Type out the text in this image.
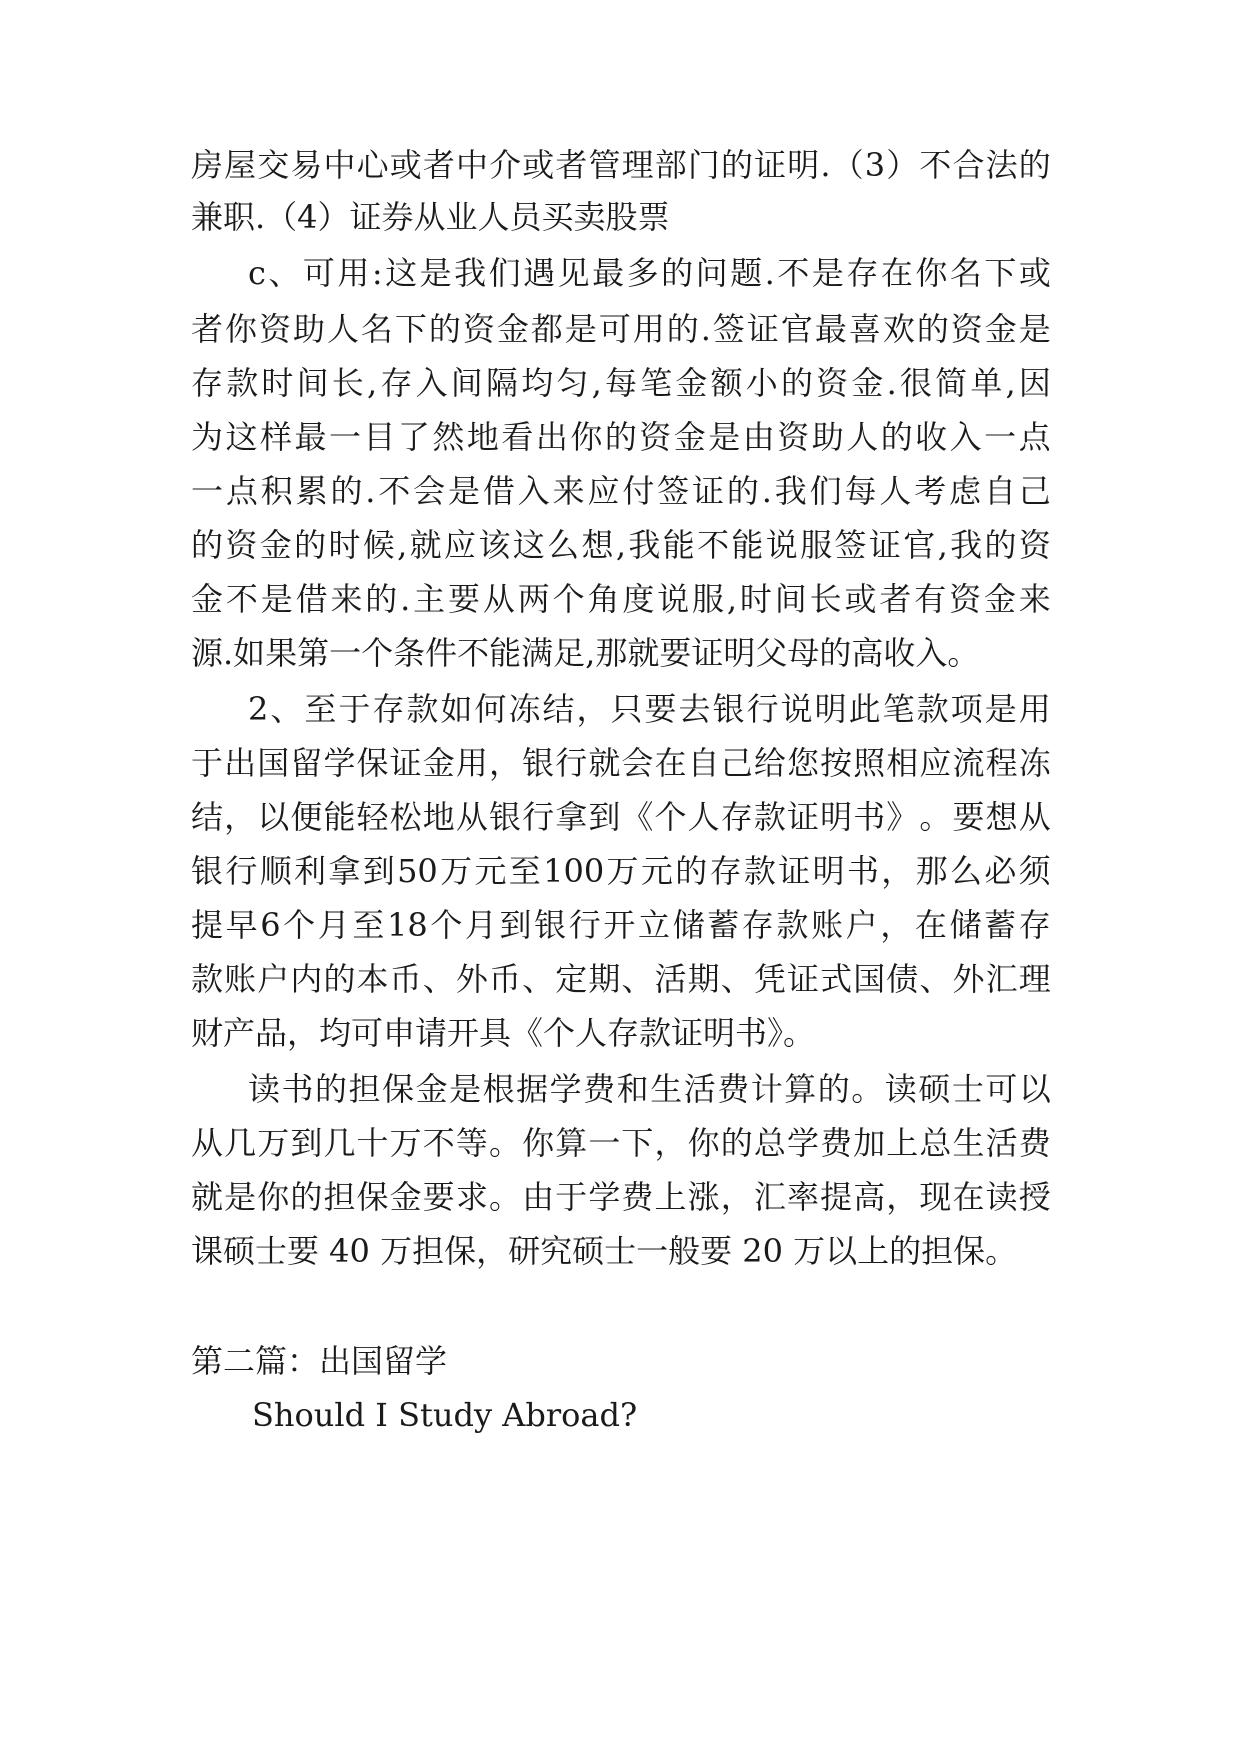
房 屋 交 易 中 心 或 者 中 介 或 者 管 理 部 门 的 证 明 . （ 3 ） 不 合 法 的
兼职.（4）证券从业人员买卖股票
c 、 可 用 : 这 是 我 们 遇 见 最 多 的 问 题 . 不 是 存 在 你 名 下 或
者 你 资 助 人 名 下 的 资 金 都 是 可 用 的 . 签 证 官 最 喜 欢 的 资 金 是
存 款 时 间 长 , 存 入 间 隔 均 匀 , 每 笔 金 额 小 的 资 金 . 很 简 单 , 因
为 这 样 最 一 目 了 然 地 看 出 你 的 资 金 是 由 资 助 人 的 收 入 一 点
一 点 积 累 的 . 不 会 是 借 入 来 应 付 签 证 的 . 我 们 每 人 考 虑 自 己
的 资 金 的 时 候 , 就 应 该 这 么 想 , 我 能 不 能 说 服 签 证 官 , 我 的 资
金 不 是 借 来 的 . 主 要 从 两 个 角 度 说 服 , 时 间 长 或 者 有 资 金 来
源.如果第一个条件不能满足,那就要证明父母的高收入。
2 、 至 于 存 款 如 何 冻 结 ， 只 要 去 银 行 说 明 此 笔 款 项 是 用
于 出 国 留 学 保 证 金 用 ， 银 行 就 会 在 自 己 给 您 按 照 相 应 流 程 冻
结 ， 以 便 能 轻 松 地 从 银 行 拿 到 《 个 人 存 款 证 明 书 》 。 要 想 从
银 行 顺 利 拿 到 50 万 元 至 100 万 元 的 存 款 证 明 书 ， 那 么 必 须
提 早 6 个 月 至 18 个 月 到 银 行 开 立 储 蓄 存 款 账 户 ， 在 储 蓄 存
款 账 户 内 的 本 币 、 外 币 、 定 期 、 活 期 、 凭 证 式 国 债 、 外 汇 理
财产品，均可申请开具《个人存款证明书》。
读 书 的 担 保 金 是 根 据 学 费 和 生 活 费 计 算 的 。 读 硕 士 可 以
从 几 万 到 几 十 万 不 等 。 你 算 一 下 ， 你 的 总 学 费 加 上 总 生 活 费
就 是 你 的 担 保 金 要 求 。 由 于 学 费 上 涨 ， 汇 率 提 高 ， 现 在 读 授
课硕士要 40 万担保，研究硕士一般要 20 万以上的担保。
第二篇：出国留学
Should I Study Abroad?
